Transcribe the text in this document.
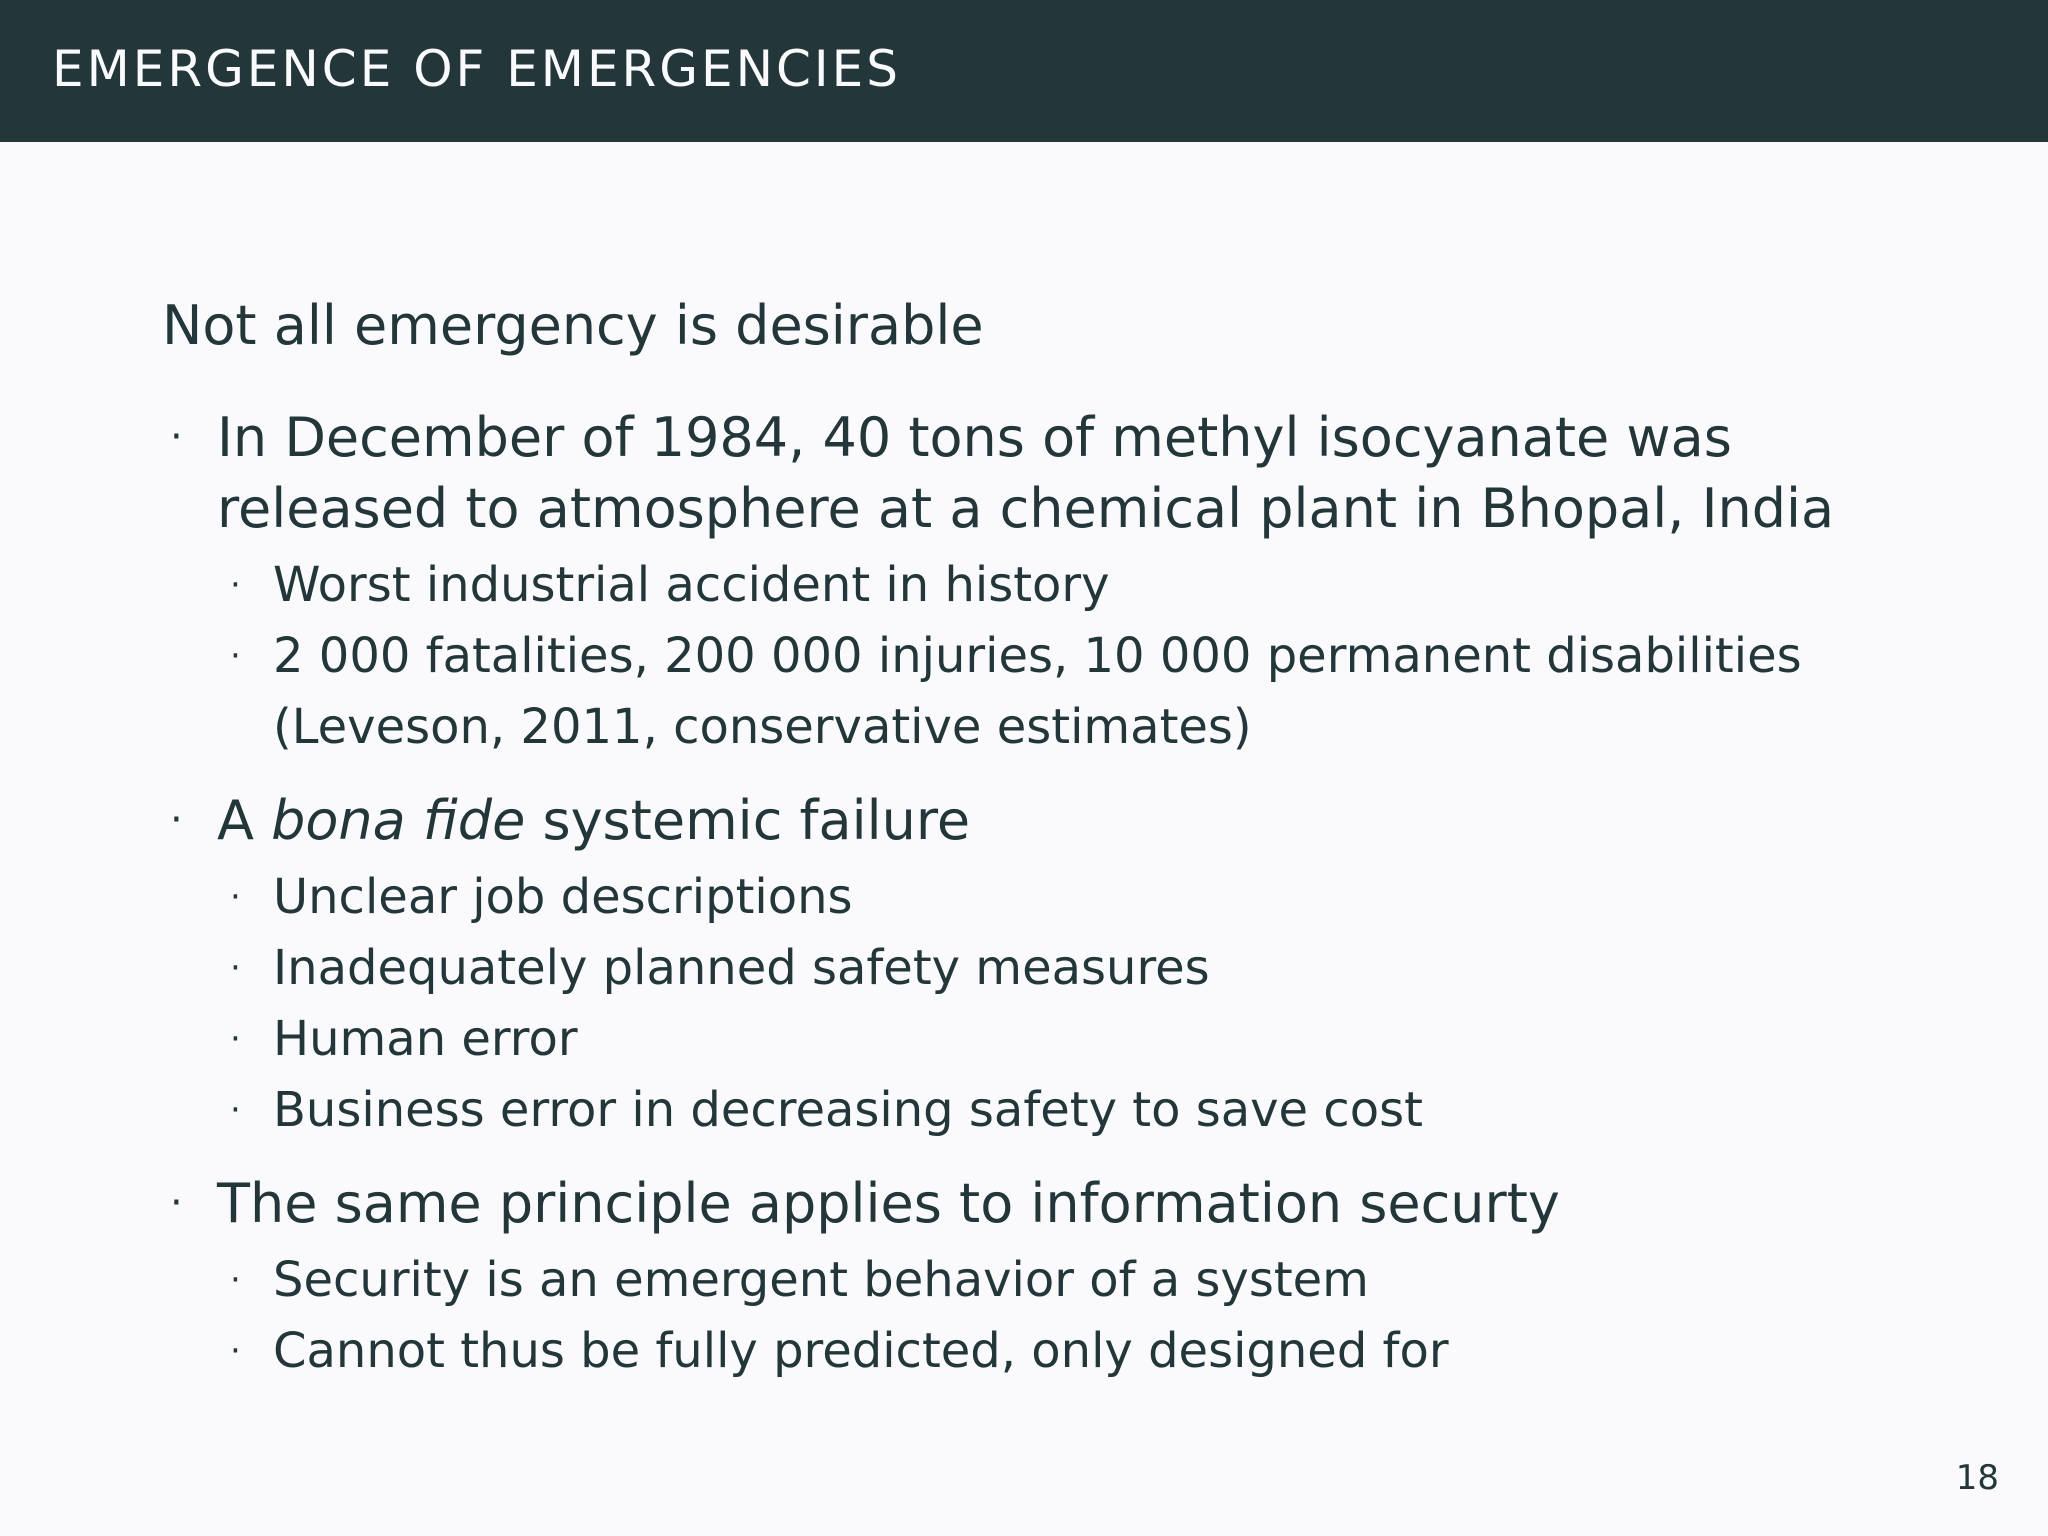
EMERGENCE OF EMERGENCIES
Not all emergency is desirable
· In December of 1984, 40 tons of methyl isocyanate was released to atmosphere at a chemical plant in Bhopal, India
· Worst industrial accident in history
· 2 000 fatalities, 200 000 injuries, 10 000 permanent disabilities (Leveson, 2011, conservative estimates)
· A bona fide systemic failure
· Unclear job descriptions
· Inadequately planned safety measures
· Human error
· Business error in decreasing safety to save cost
· The same principle applies to information securty
· Security is an emergent behavior of a system
· Cannot thus be fully predicted, only designed for
18
